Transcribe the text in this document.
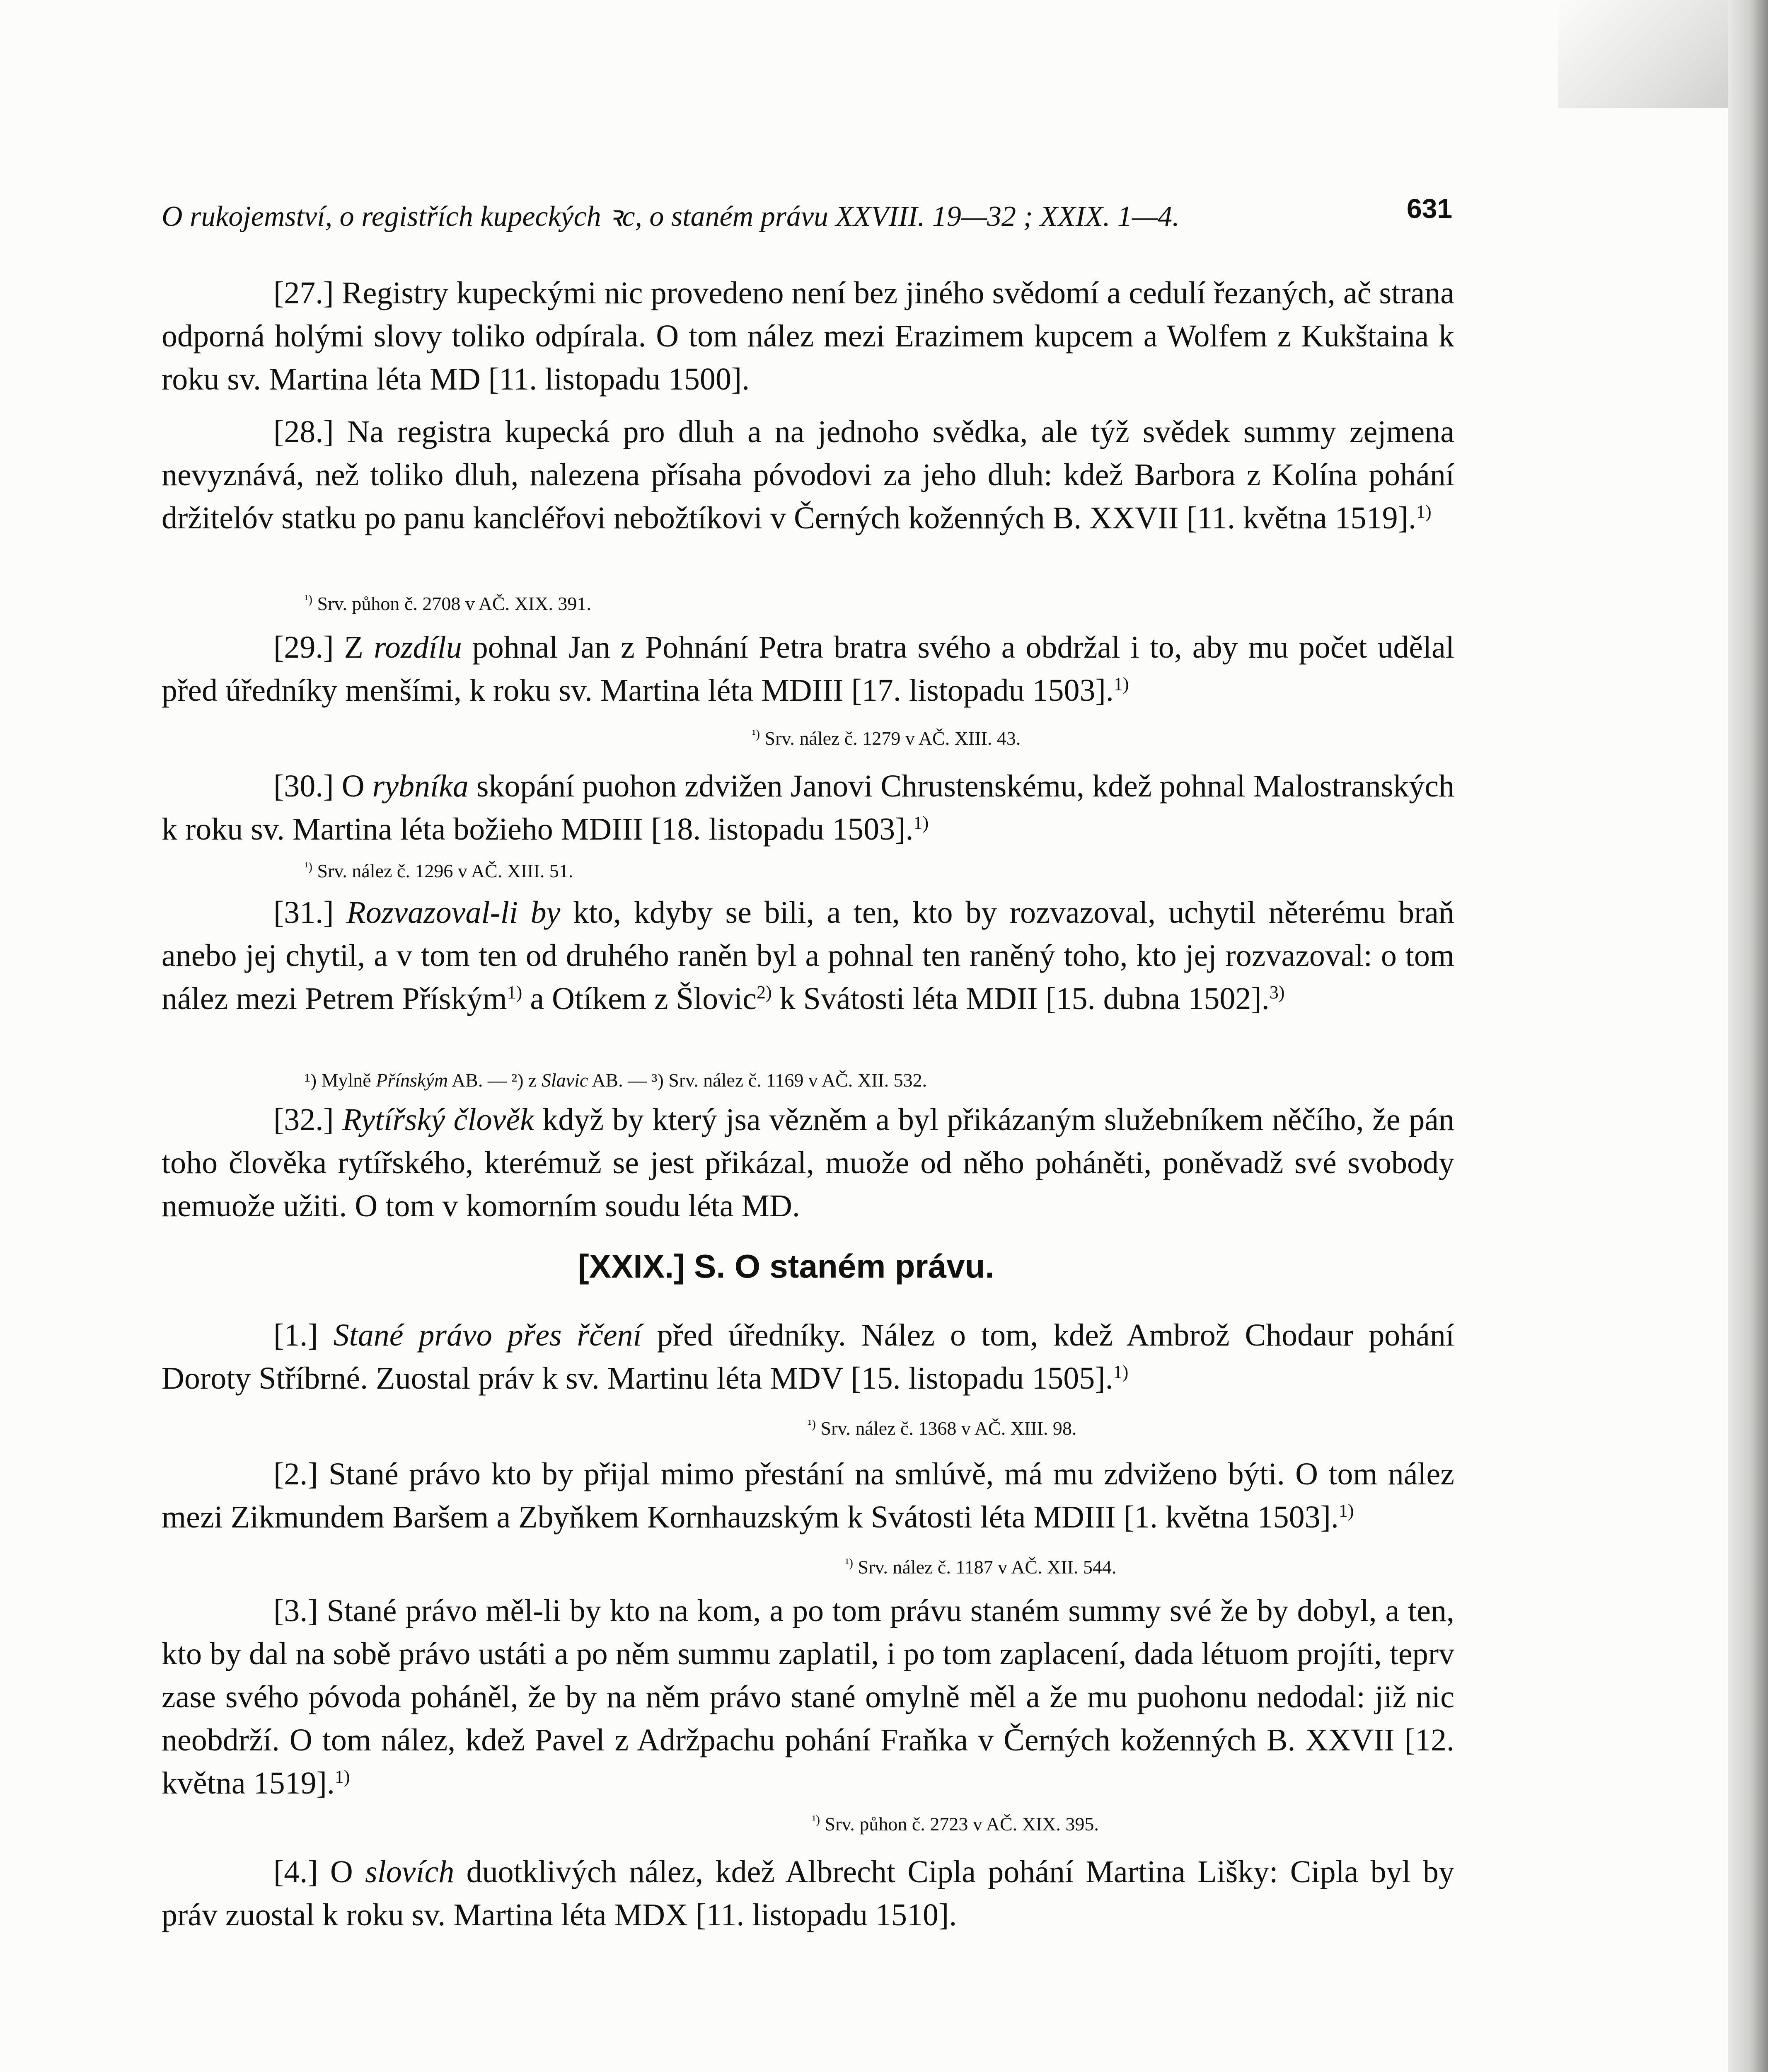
O rukojemství, o registřích kupeckých ꝛc, o staném právu XXVIII. 19—32 ; XXIX. 1—4.	631

[27.] Registry kupeckými nic provedeno není bez jiného svědomí a cedulí řezaných, ač strana odporná holými slovy toliko odpírala. O tom nález mezi Erazimem kupcem a Wolfem z Kukštaina k roku sv. Martina léta MD [11. listopadu 1500].

[28.] Na registra kupecká pro dluh a na jednoho svědka, ale týž svědek summy zejmena nevyznává, než toliko dluh, nalezena přísaha póvodovi za jeho dluh: kdež Barbora z Kolína pohání držitelóv statku po panu kancléřovi nebožtíkovi v Černých koženných B. XXVII [11. května 1519].$^{1)}$

$^{^1)}$ Srv. půhon č. 2708 v AČ. XIX. 391.

[29.] Z rozdílu pohnal Jan z Pohnání Petra bratra svého a obdržal i to, aby mu počet udělal před úředníky menšími, k roku sv. Martina léta MDIII [17. listopadu 1503].$^{1)}$

$^{^1)}$ Srv. nález č. 1279 v AČ. XIII. 43.

[30.] O rybníka skopání puohon zdvižen Janovi Chrustenskému, kdež pohnal Malostranských k roku sv. Martina léta božieho MDIII [18. listopadu 1503].$^{1)}$

$^{^1)}$ Srv. nález č. 1296 v AČ. XIII. 51.

[31.] Rozvazoval-li by kto, kdyby se bili, a ten, kto by rozvazoval, uchytil něterému braň anebo jej chytil, a v tom ten od druhého raněn byl a pohnal ten raněný toho, kto jej rozvazoval: o tom nález mezi Petrem Příským$^{1)}$ a Otíkem z Šlovic$^{2)}$ k Svátosti léta MDII [15. dubna 1502].$^{3)}$

¹) Mylně Přínským AB. — ²) z Slavic AB. — ³) Srv. nález č. 1169 v AČ. XII. 532.

[32.] Rytířský člověk když by který jsa vězněm a byl přikázaným služebníkem něčího, že pán toho člověka rytířského, kterémuž se jest přikázal, muože od něho poháněti, poněvadž své svobody nemuože užiti. O tom v komorním soudu léta MD.

[XXIX.] S. O staném právu.

[1.] Stané právo přes řčení před úředníky. Nález o tom, kdež Ambrož Chodaur pohání Doroty Stříbrné. Zuostal práv k sv. Martinu léta MDV [15. listopadu 1505].$^{1)}$

$^{^1)}$ Srv. nález č. 1368 v AČ. XIII. 98.

[2.] Stané právo kto by přijal mimo přestání na smlúvě, má mu zdviženo býti. O tom nález mezi Zikmundem Baršem a Zbyňkem Kornhauzským k Svátosti léta MDIII [1. května 1503].$^{1)}$

$^{^1)}$ Srv. nález č. 1187 v AČ. XII. 544.

[3.] Stané právo měl-li by kto na kom, a po tom právu staném summy své že by dobyl, a ten, kto by dal na sobě právo ustáti a po něm summu zaplatil, i po tom zaplacení, dada létuom projíti, teprv zase svého póvoda poháněl, že by na něm právo stané omylně měl a že mu puohonu nedodal: již nic neobdrží. O tom nález, kdež Pavel z Adržpachu pohání Fraňka v Černých koženných B. XXVII [12. května 1519].$^{1)}$

$^{^1)}$ Srv. půhon č. 2723 v AČ. XIX. 395.

[4.] O slovích duotklivých nález, kdež Albrecht Cipla pohání Martina Lišky: Cipla byl by práv zuostal k roku sv. Martina léta MDX [11. listopadu 1510].
